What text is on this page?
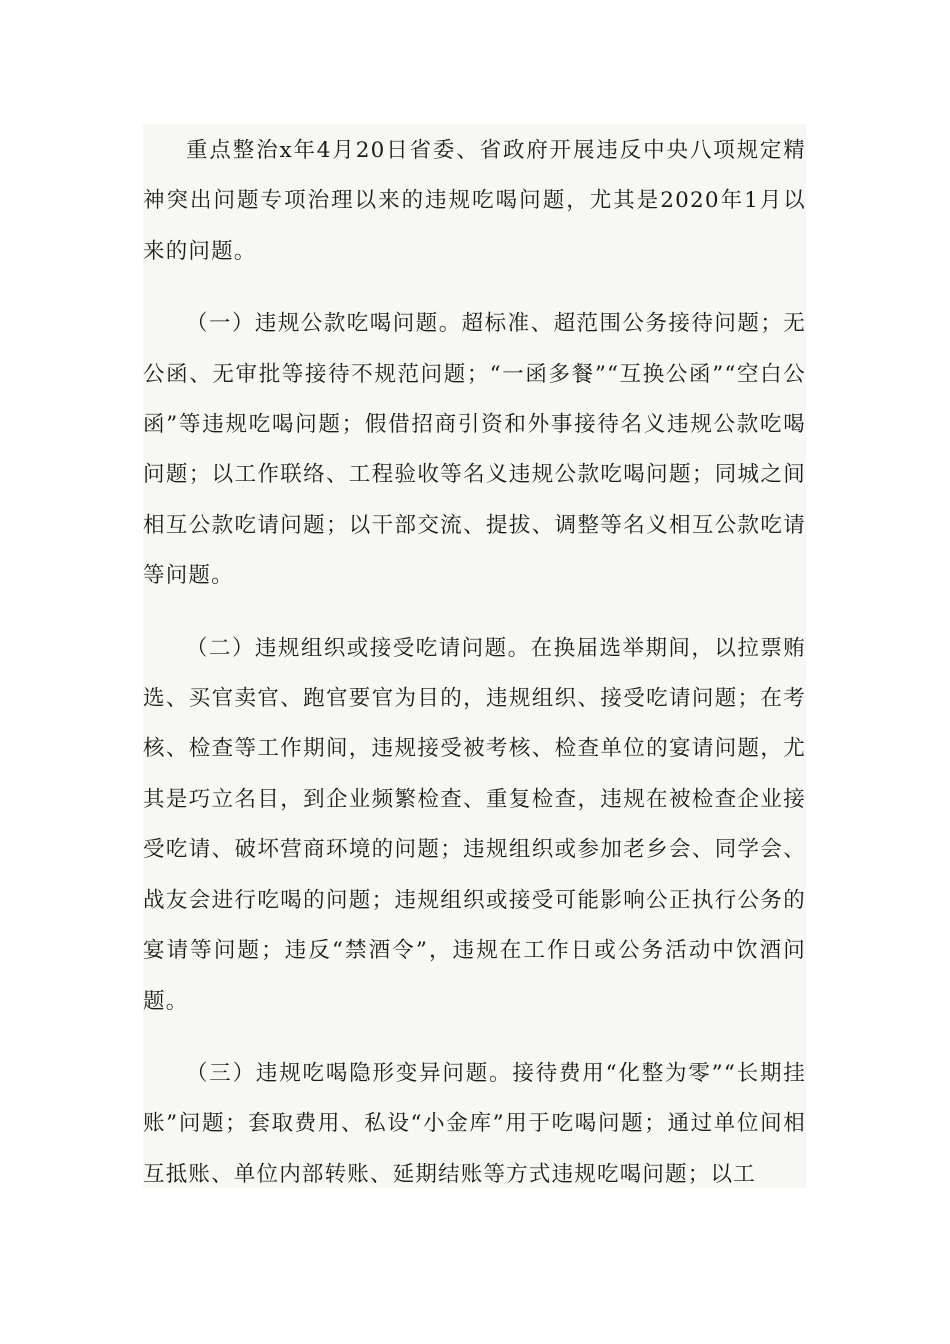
重点整治x年4月20日省委、省政府开展违反中央八项规定精神突出问题专项治理以来的违规吃喝问题，尤其是2020年1月以来的问题。

（一）违规公款吃喝问题。超标准、超范围公务接待问题；无公函、无审批等接待不规范问题；“一函多餐”“互换公函”“空白公函”等违规吃喝问题；假借招商引资和外事接待名义违规公款吃喝问题；以工作联络、工程验收等名义违规公款吃喝问题；同城之间相互公款吃请问题；以干部交流、提拔、调整等名义相互公款吃请等问题。

（二）违规组织或接受吃请问题。在换届选举期间，以拉票贿选、买官卖官、跑官要官为目的，违规组织、接受吃请问题；在考核、检查等工作期间，违规接受被考核、检查单位的宴请问题，尤其是巧立名目，到企业频繁检查、重复检查，违规在被检查企业接受吃请、破坏营商环境的问题；违规组织或参加老乡会、同学会、战友会进行吃喝的问题；违规组织或接受可能影响公正执行公务的宴请等问题；违反“禁酒令”，违规在工作日或公务活动中饮酒问题。

（三）违规吃喝隐形变异问题。接待费用“化整为零”“长期挂账”问题；套取费用、私设“小金库”用于吃喝问题；通过单位间相互抵账、单位内部转账、延期结账等方式违规吃喝问题；以工
